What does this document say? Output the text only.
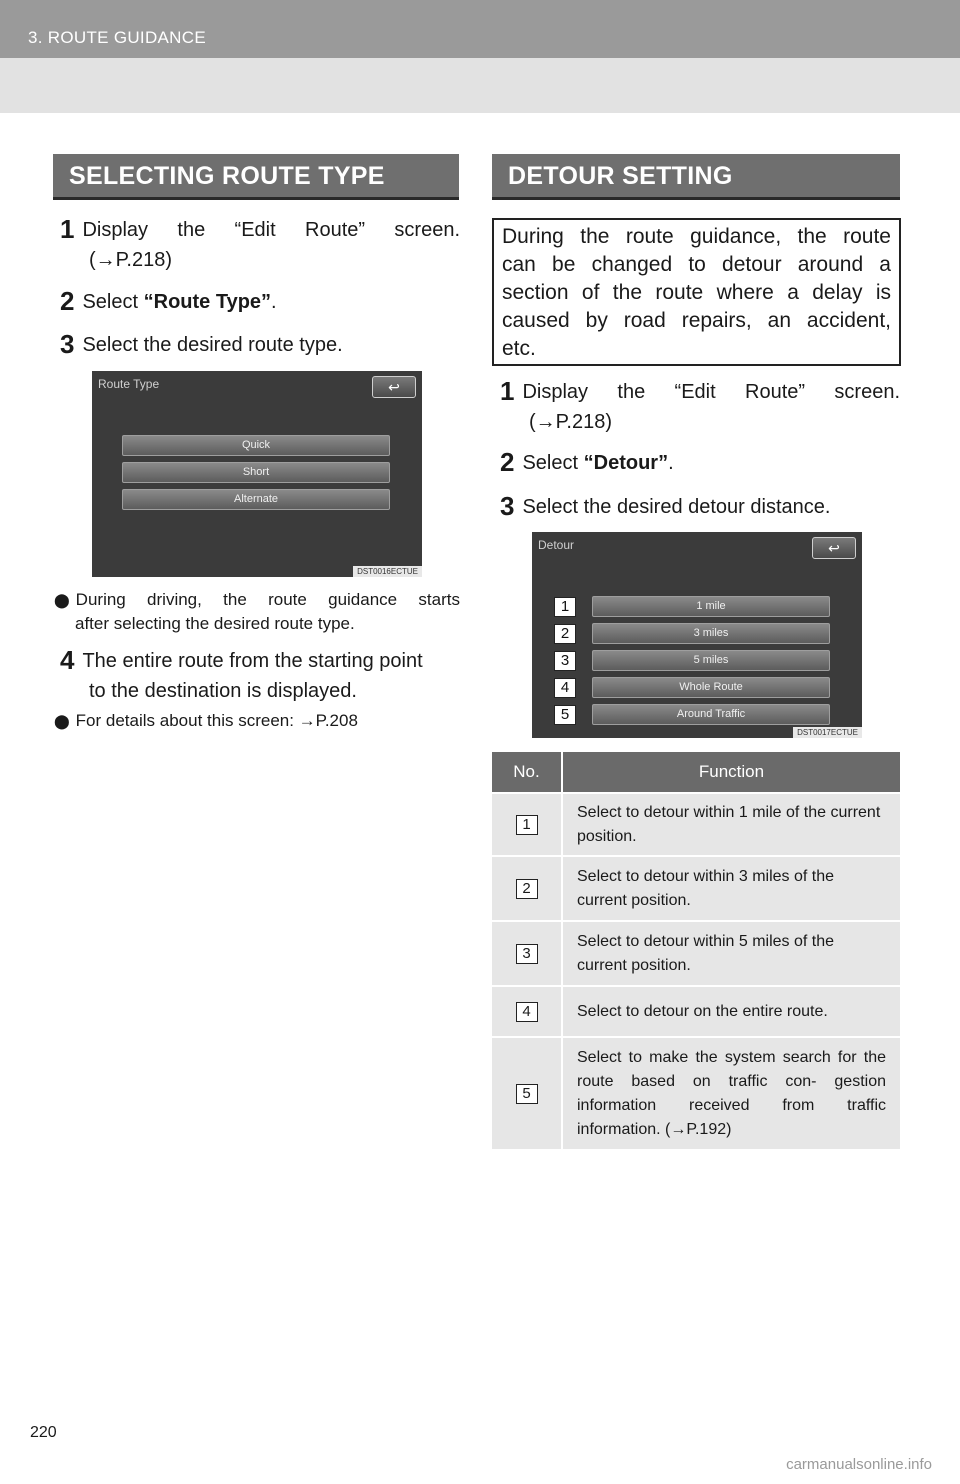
3. ROUTE GUIDANCE
SELECTING ROUTE TYPE
1 Display the “Edit Route” screen.
(→P.218)
2 Select “Route Type”.
3 Select the desired route type.
Route Type	↩
Quick
Short
Alternate
DST0016ECTUE
⬤ During driving, the route guidance starts
after selecting the desired route type.
4 The entire route from the starting point
to the destination is displayed.
⬤ For details about this screen: →P.208
DETOUR SETTING
During the route guidance, the route
can be changed to detour around a
section of the route where a delay is
caused by road repairs, an accident,
etc.
1 Display the “Edit Route” screen.
(→P.218)
2 Select “Detour”.
3 Select the desired detour distance.
Detour	↩
1 mile
3 miles
5 miles
Whole Route
Around Traffic
1
2
3
4
5
DST0017ECTUE
No.	Function
1	Select to detour within 1 mile of the current position.
2	Select to detour within 3 miles of the current position.
3	Select to detour within 5 miles of the current position.
4	Select to detour on the entire route.
5	Select to make the system search for the route based on traffic con- gestion information received from traffic information. (→P.192)
220
carmanualsonline.info
